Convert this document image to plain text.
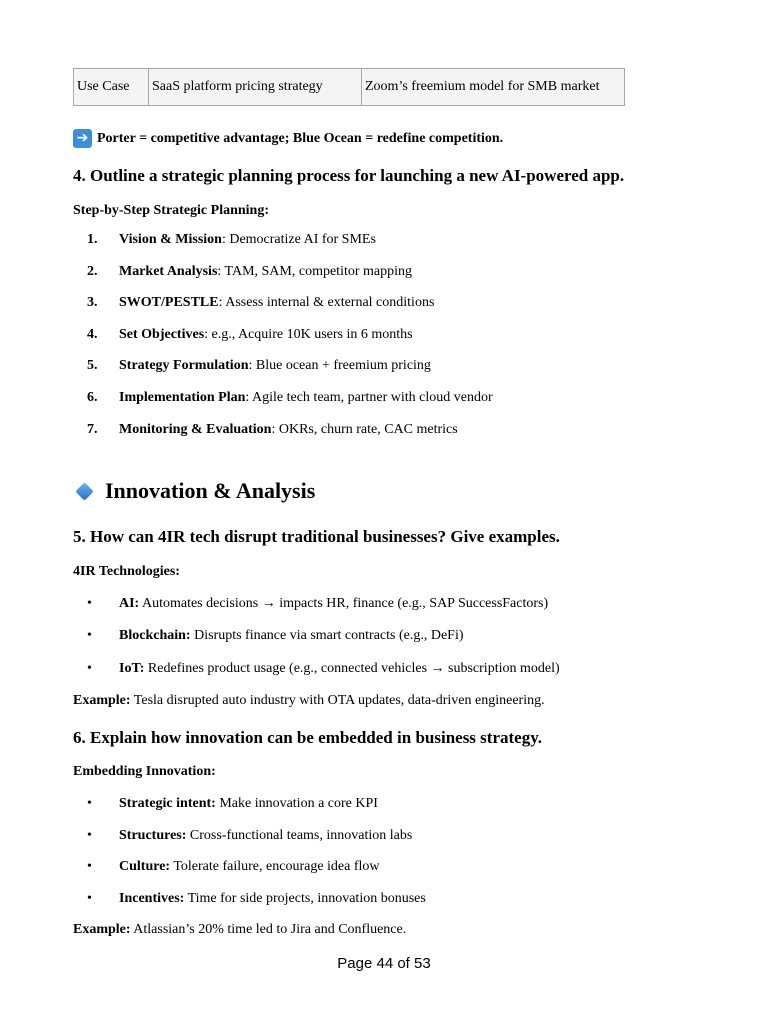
Use Case	SaaS platform pricing strategy	Zoom’s freemium model for SMB market
➔ Porter = competitive advantage; Blue Ocean = redefine competition.
4. Outline a strategic planning process for launching a new AI-powered app.
Step-by-Step Strategic Planning:
1.	Vision & Mission: Democratize AI for SMEs
2.	Market Analysis: TAM, SAM, competitor mapping
3.	SWOT/PESTLE: Assess internal & external conditions
4.	Set Objectives: e.g., Acquire 10K users in 6 months
5.	Strategy Formulation: Blue ocean + freemium pricing
6.	Implementation Plan: Agile tech team, partner with cloud vendor
7.	Monitoring & Evaluation: OKRs, churn rate, CAC metrics
Innovation & Analysis
5. How can 4IR tech disrupt traditional businesses? Give examples.
4IR Technologies:
•	AI: Automates decisions → impacts HR, finance (e.g., SAP SuccessFactors)
•	Blockchain: Disrupts finance via smart contracts (e.g., DeFi)
•	IoT: Redefines product usage (e.g., connected vehicles → subscription model)
Example: Tesla disrupted auto industry with OTA updates, data-driven engineering.
6. Explain how innovation can be embedded in business strategy.
Embedding Innovation:
•	Strategic intent: Make innovation a core KPI
•	Structures: Cross-functional teams, innovation labs
•	Culture: Tolerate failure, encourage idea flow
•	Incentives: Time for side projects, innovation bonuses
Example: Atlassian’s 20% time led to Jira and Confluence.
Page 44 of 53
